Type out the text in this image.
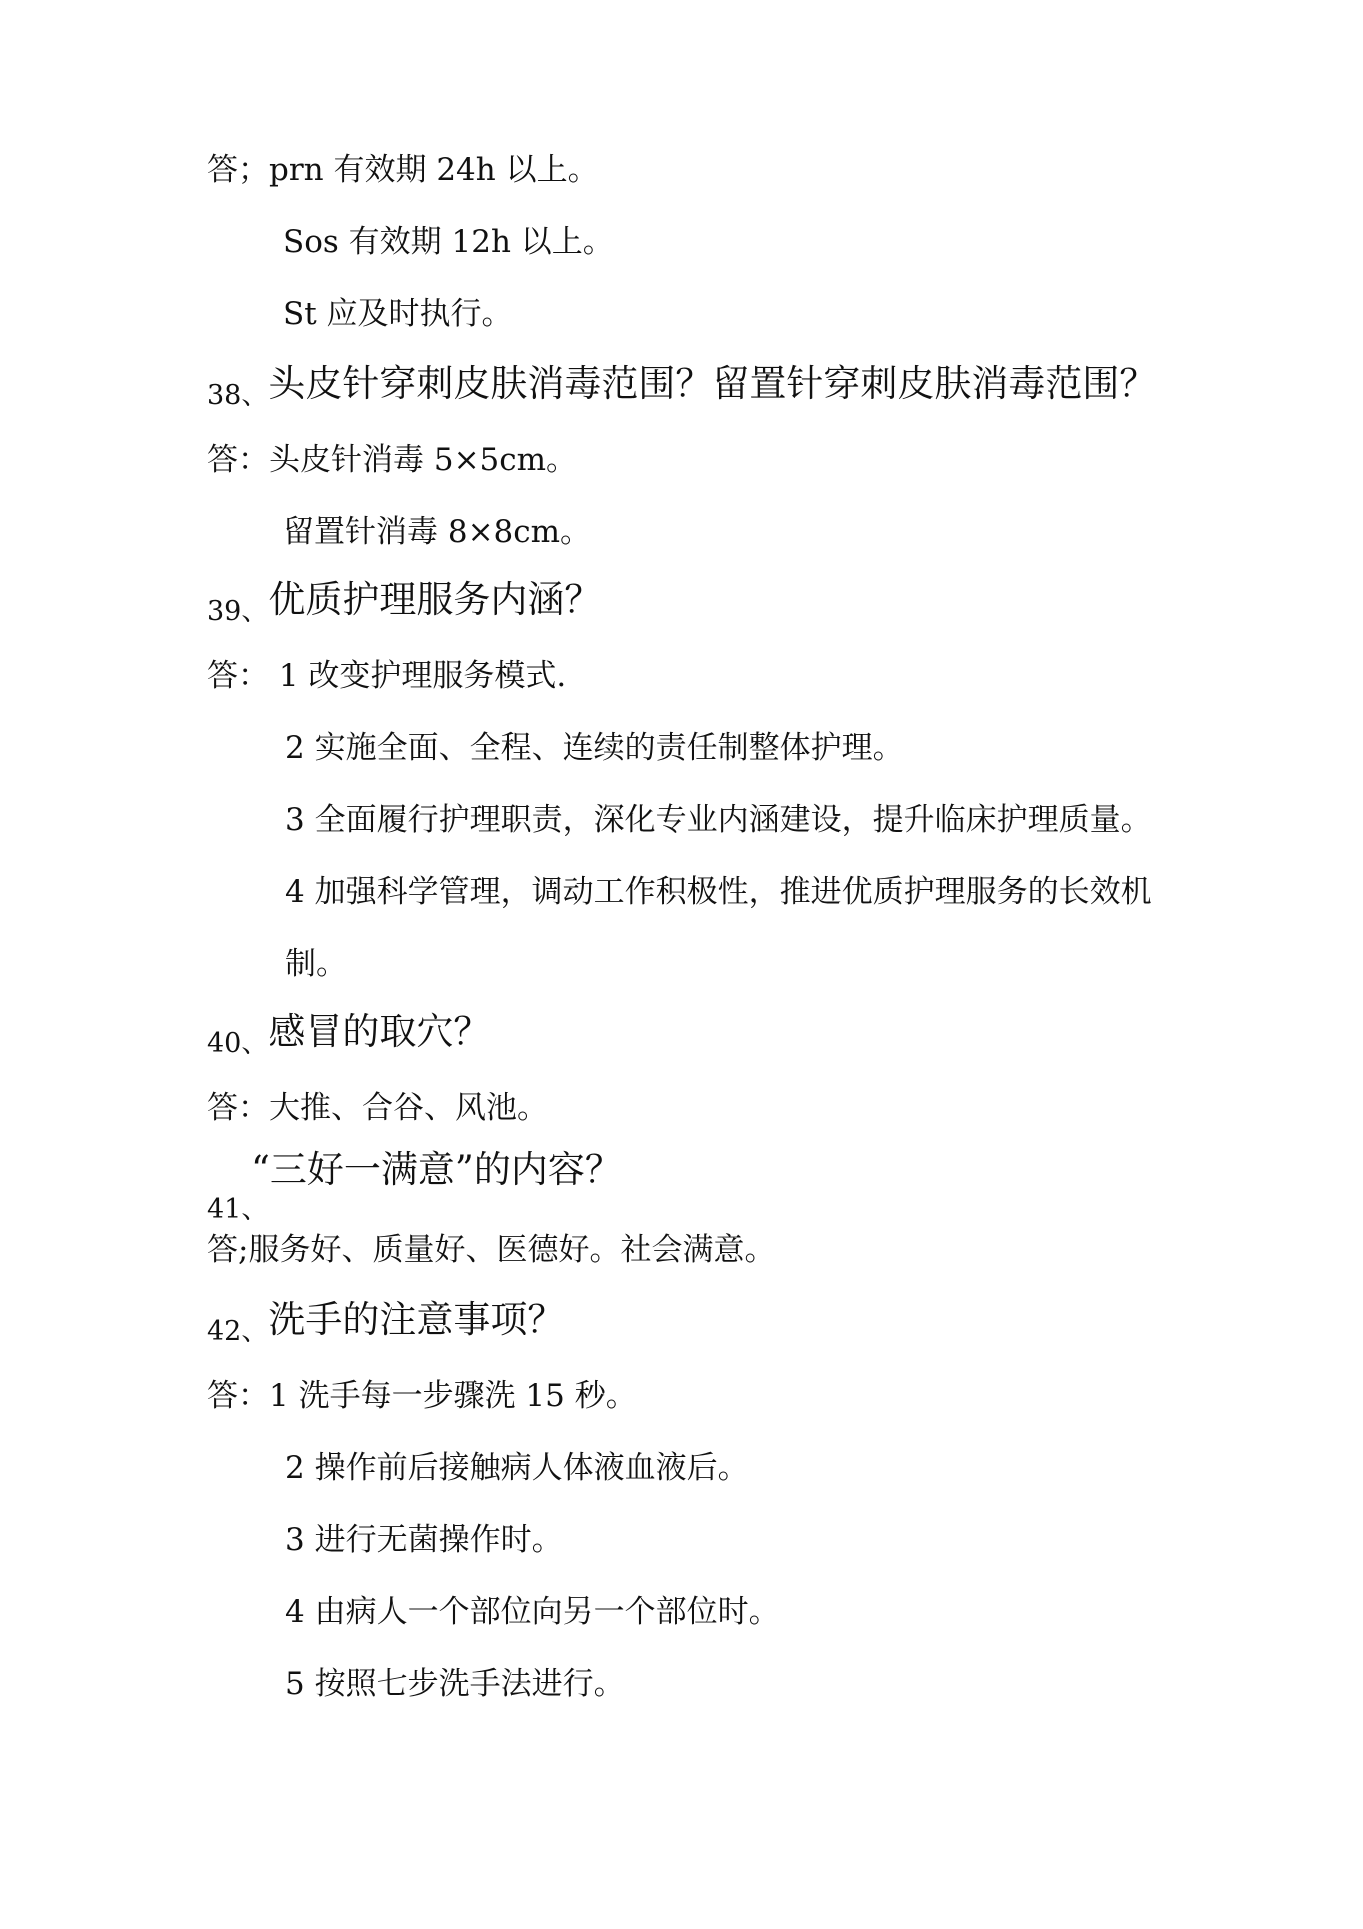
答；prn 有效期 24h 以上。
Sos 有效期 12h 以上。
St 应及时执行。
38、头皮针穿刺皮肤消毒范围？留置针穿刺皮肤消毒范围？
答：头皮针消毒 5×5cm。
留置针消毒 8×8cm。
39、优质护理服务内涵？
答： 1 改变护理服务模式.
2 实施全面、全程、连续的责任制整体护理。
3 全面履行护理职责，深化专业内涵建设，提升临床护理质量。
4 加强科学管理，调动工作积极性，推进优质护理服务的长效机
制。
40、感冒的取穴？
答：大推、合谷、风池。
“三好一满意”的内容？
41、
答;服务好、质量好、医德好。社会满意。
42、洗手的注意事项？
答：1 洗手每一步骤洗 15 秒。
2 操作前后接触病人体液血液后。
3 进行无菌操作时。
4 由病人一个部位向另一个部位时。
5 按照七步洗手法进行。
